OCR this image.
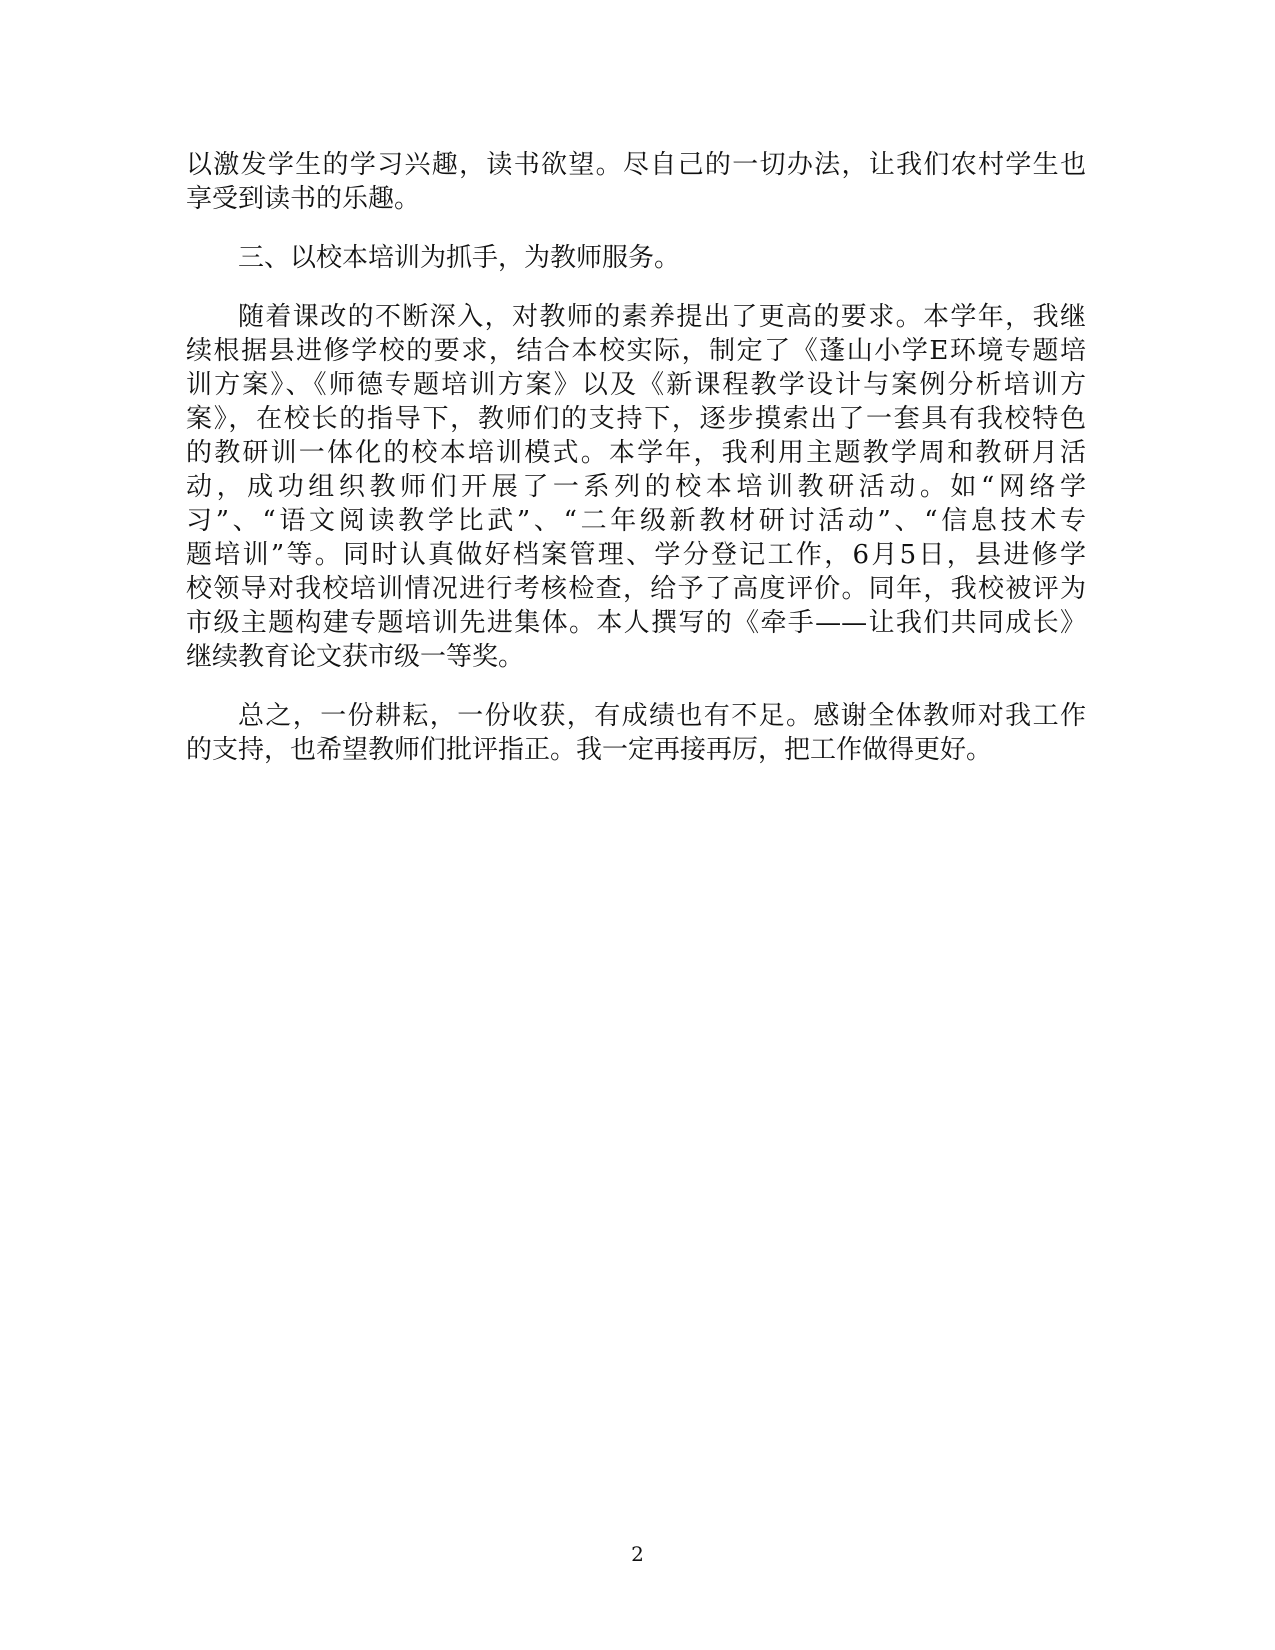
以激发学生的学习兴趣，读书欲望。尽自己的一切办法，让我们农村学生也
享受到读书的乐趣。
三、以校本培训为抓手，为教师服务。
随着课改的不断深入，对教师的素养提出了更高的要求。本学年，我继
续根据县进修学校的要求，结合本校实际，制定了《蓬山小学E环境专题培
训方案》、《师德专题培训方案》以及《新课程教学设计与案例分析培训方
案》，在校长的指导下，教师们的支持下，逐步摸索出了一套具有我校特色
的教研训一体化的校本培训模式。本学年，我利用主题教学周和教研月活
动，成功组织教师们开展了一系列的校本培训教研活动。如“网络学
习”、“语文阅读教学比武”、“二年级新教材研讨活动”、“信息技术专
题培训”等。同时认真做好档案管理、学分登记工作，6月5日，县进修学
校领导对我校培训情况进行考核检查，给予了高度评价。同年，我校被评为
市级主题构建专题培训先进集体。本人撰写的《牵手——让我们共同成长》
继续教育论文获市级一等奖。
总之，一份耕耘，一份收获，有成绩也有不足。感谢全体教师对我工作
的支持，也希望教师们批评指正。我一定再接再厉，把工作做得更好。
2
